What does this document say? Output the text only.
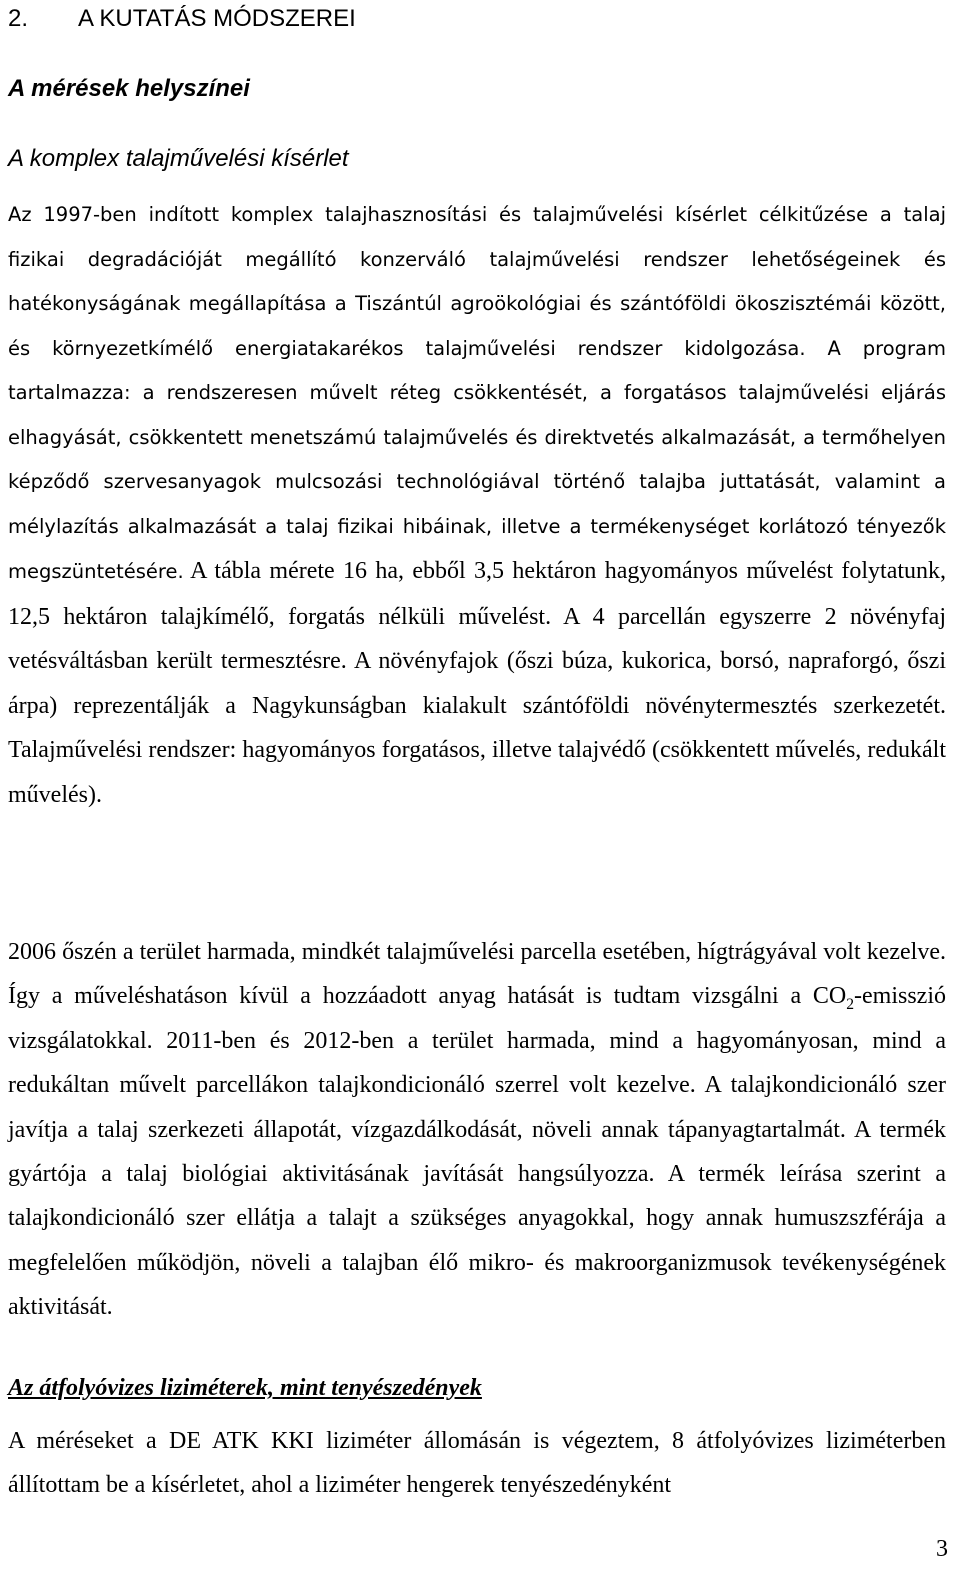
2. A KUTATÁS MÓDSZEREI
A mérések helyszínei
A komplex talajművelési kísérlet
Az 1997-ben indított komplex talajhasznosítási és talajművelési kísérlet célkitűzése a talaj fizikai degradációját megállító konzerváló talajművelési rendszer lehetőségeinek és hatékonyságának megállapítása a Tiszántúl agroökológiai és szántóföldi ökoszisztémái között, és környezetkímélő energiatakarékos talajművelési rendszer kidolgozása. A program tartalmazza: a rendszeresen művelt réteg csökkentését, a forgatásos talajművelési eljárás elhagyását, csökkentett menetszámú talajművelés és direktvetés alkalmazását, a termőhelyen képződő szervesanyagok mulcsozási technológiával történő talajba juttatását, valamint a mélylazítás alkalmazását a talaj fizikai hibáinak, illetve a termékenységet korlátozó tényezők megszüntetésére. A tábla mérete 16 ha, ebből 3,5 hektáron hagyományos művelést folytatunk, 12,5 hektáron talajkímélő, forgatás nélküli művelést. A 4 parcellán egyszerre 2 növényfaj vetésváltásban került termesztésre. A növényfajok (őszi búza, kukorica, borsó, napraforgó, őszi árpa) reprezentálják a Nagykunságban kialakult szántóföldi növénytermesztés szerkezetét. Talajművelési rendszer: hagyományos forgatásos, illetve talajvédő (csökkentett művelés, redukált művelés).
2006 őszén a terület harmada, mindkét talajművelési parcella esetében, hígtrágyával volt kezelve. Így a műveléshatáson kívül a hozzáadott anyag hatását is tudtam vizsgálni a $CO_2$-emisszió vizsgálatokkal. 2011-ben és 2012-ben a terület harmada, mind a hagyományosan, mind a redukáltan művelt parcellákon talajkondicionáló szerrel volt kezelve. A talajkondicionáló szer javítja a talaj szerkezeti állapotát, vízgazdálkodását, növeli annak tápanyagtartalmát. A termék gyártója a talaj biológiai aktivitásának javítását hangsúlyozza. A termék leírása szerint a talajkondicionáló szer ellátja a talajt a szükséges anyagokkal, hogy annak humuszszférája a megfelelően működjön, növeli a talajban élő mikro- és makroorganizmusok tevékenységének aktivitását.
Az átfolyóvizes liziméterek, mint tenyészedények
A méréseket a DE ATK KKI liziméter állomásán is végeztem, 8 átfolyóvizes liziméterben állítottam be a kísérletet, ahol a liziméter hengerek tenyészedényként
3
